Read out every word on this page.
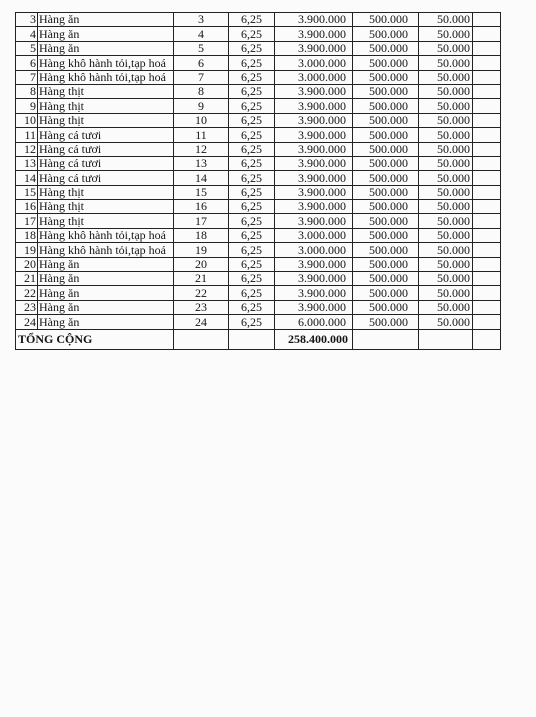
3	Hàng ăn	3	6,25	3.900.000	500.000	50.000	
4	Hàng ăn	4	6,25	3.900.000	500.000	50.000	
5	Hàng ăn	5	6,25	3.900.000	500.000	50.000	
6	Hàng khô hành tỏi,tạp hoá	6	6,25	3.000.000	500.000	50.000	
7	Hàng khô hành tỏi,tạp hoá	7	6,25	3.000.000	500.000	50.000	
8	Hàng thịt	8	6,25	3.900.000	500.000	50.000	
9	Hàng thịt	9	6,25	3.900.000	500.000	50.000	
10	Hàng thịt	10	6,25	3.900.000	500.000	50.000	
11	Hàng cá tươi	11	6,25	3.900.000	500.000	50.000	
12	Hàng cá tươi	12	6,25	3.900.000	500.000	50.000	
13	Hàng cá tươi	13	6,25	3.900.000	500.000	50.000	
14	Hàng cá tươi	14	6,25	3.900.000	500.000	50.000	
15	Hàng thịt	15	6,25	3.900.000	500.000	50.000	
16	Hàng thịt	16	6,25	3.900.000	500.000	50.000	
17	Hàng thịt	17	6,25	3.900.000	500.000	50.000	
18	Hàng khô hành tỏi,tạp hoá	18	6,25	3.000.000	500.000	50.000	
19	Hàng khô hành tỏi,tạp hoá	19	6,25	3.000.000	500.000	50.000	
20	Hàng ăn	20	6,25	3.900.000	500.000	50.000	
21	Hàng ăn	21	6,25	3.900.000	500.000	50.000	
22	Hàng ăn	22	6,25	3.900.000	500.000	50.000	
23	Hàng ăn	23	6,25	3.900.000	500.000	50.000	
24	Hàng ăn	24	6,25	6.000.000	500.000	50.000	
TỔNG CỘNG				258.400.000			
